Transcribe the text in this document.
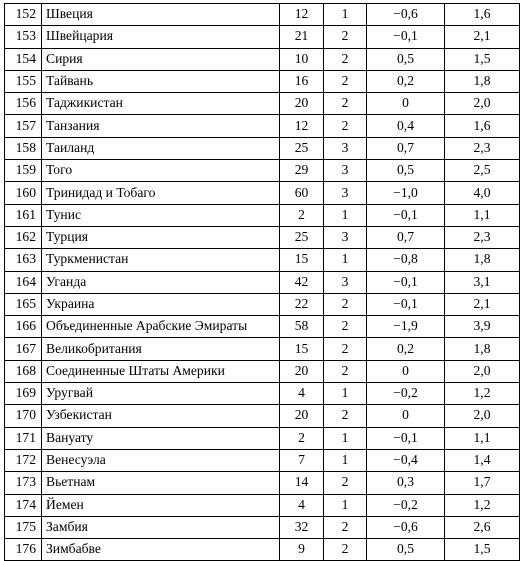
152	Швеция	12	1	−0,6	1,6
153	Швейцария	21	2	−0,1	2,1
154	Сирия	10	2	0,5	1,5
155	Тайвань	16	2	0,2	1,8
156	Таджикистан	20	2	0	2,0
157	Танзания	12	2	0,4	1,6
158	Таиланд	25	3	0,7	2,3
159	Того	29	3	0,5	2,5
160	Тринидад и Тобаго	60	3	−1,0	4,0
161	Тунис	2	1	−0,1	1,1
162	Турция	25	3	0,7	2,3
163	Туркменистан	15	1	−0,8	1,8
164	Уганда	42	3	−0,1	3,1
165	Украина	22	2	−0,1	2,1
166	Объединенные Арабские Эмираты	58	2	−1,9	3,9
167	Великобритания	15	2	0,2	1,8
168	Соединенные Штаты Америки	20	2	0	2,0
169	Уругвай	4	1	−0,2	1,2
170	Узбекистан	20	2	0	2,0
171	Вануату	2	1	−0,1	1,1
172	Венесуэла	7	1	−0,4	1,4
173	Вьетнам	14	2	0,3	1,7
174	Йемен	4	1	−0,2	1,2
175	Замбия	32	2	−0,6	2,6
176	Зимбабве	9	2	0,5	1,5
